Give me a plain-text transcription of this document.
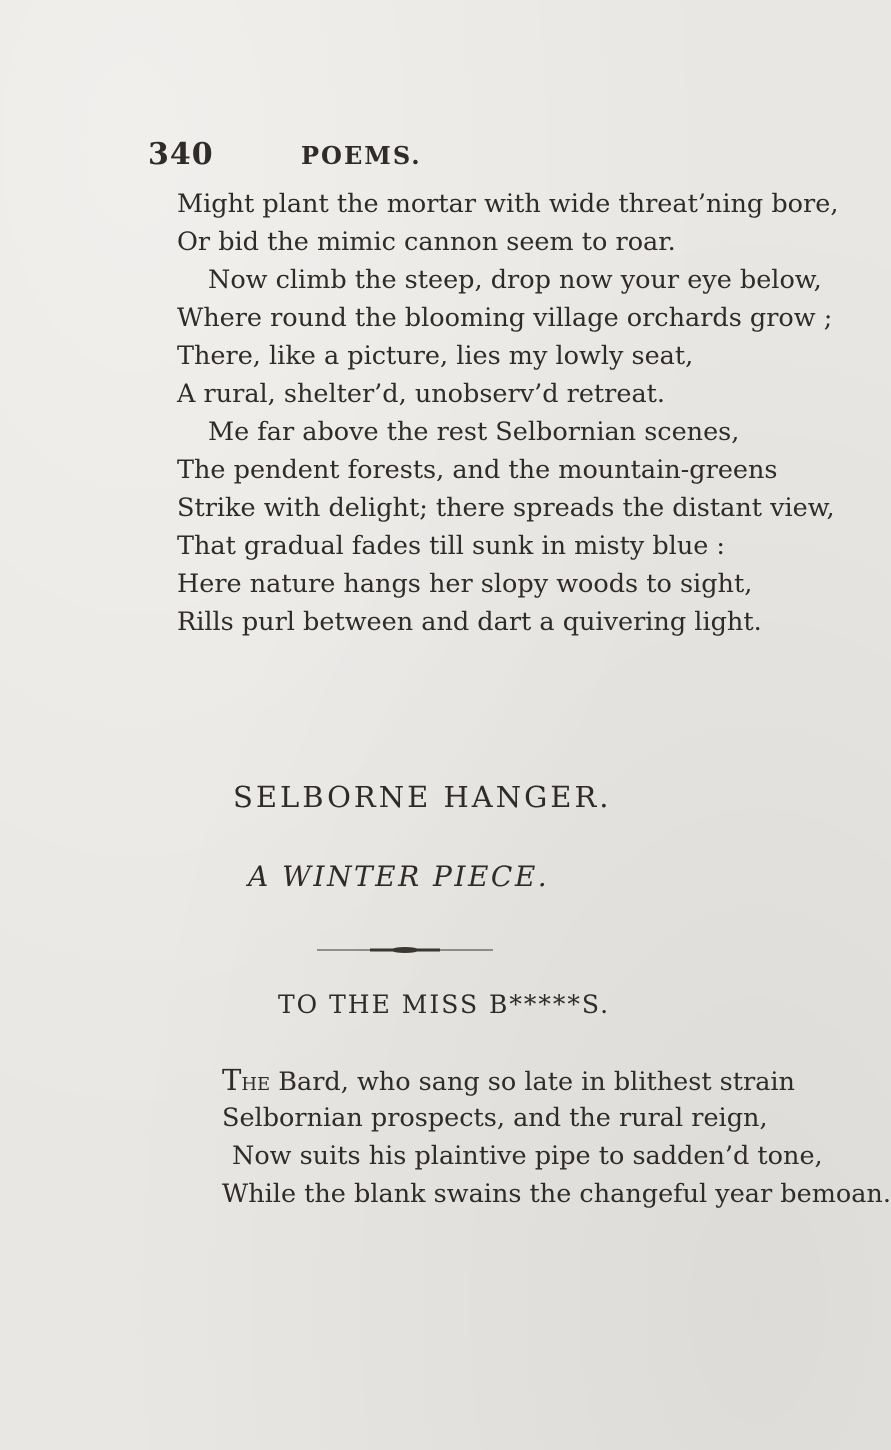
340	POEMS.
Might plant the mortar with wide threat’ning bore,
Or bid the mimic cannon seem to roar.
Now climb the steep, drop now your eye below,
Where round the blooming village orchards grow ;
There, like a picture, lies my lowly seat,
A rural, shelter’d, unobserv’d retreat.
Me far above the rest Selbornian scenes,
The pendent forests, and the mountain-greens
Strike with delight; there spreads the distant view,
That gradual fades till sunk in misty blue :
Here nature hangs her slopy woods to sight,
Rills purl between and dart a quivering light.
SELBORNE HANGER.
A WINTER PIECE.
TO THE MISS B*****S.
The Bard, who sang so late in blithest strain
Selbornian prospects, and the rural reign,
Now suits his plaintive pipe to sadden’d tone,
While the blank swains the changeful year bemoan.
